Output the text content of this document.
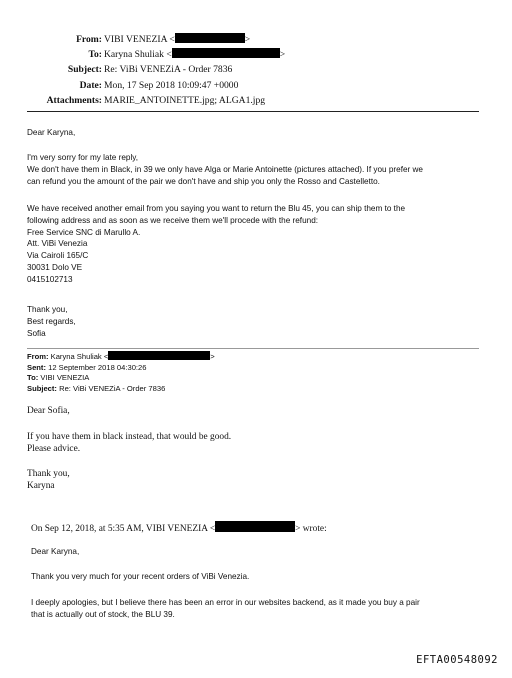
From: VIBI VENEZIA <	>
To: Karyna Shuliak <	>
Subject: Re: ViBi VENEZiA - Order 7836
Date: Mon, 17 Sep 2018 10:09:47 +0000
Attachments: MARIE_ANTOINETTE.jpg; ALGA1.jpg
Dear Karyna,
I'm very sorry for my late reply,
We don't have them in Black, in 39 we only have Alga or Marie Antoinette (pictures attached). If you prefer we
can refund you the amount of the pair we don't have and ship you only the Rosso and Castelletto.
We have received another email from you saying you want to return the Blu 45, you can ship them to the
following address and as soon as we receive them we'll procede with the refund:
Free Service SNC di Marullo A.
Att. ViBi Venezia
Via Cairoli 165/C
30031 Dolo VE
0415102713
Thank you,
Best regards,
Sofia
From: Karyna Shuliak <	>
Sent: 12 September 2018 04:30:26
To: VIBI VENEZIA
Subject: Re: ViBi VENEZiA - Order 7836
Dear Sofia,
If you have them in black instead, that would be good.
Please advice.
Thank you,
Karyna
On Sep 12, 2018, at 5:35 AM, VIBI VENEZIA <	> wrote:
Dear Karyna,
Thank you very much for your recent orders of ViBi Venezia.
I deeply apologies, but I believe there has been an error in our websites backend, as it made you buy a pair
that is actually out of stock, the BLU 39.
EFTA00548092
